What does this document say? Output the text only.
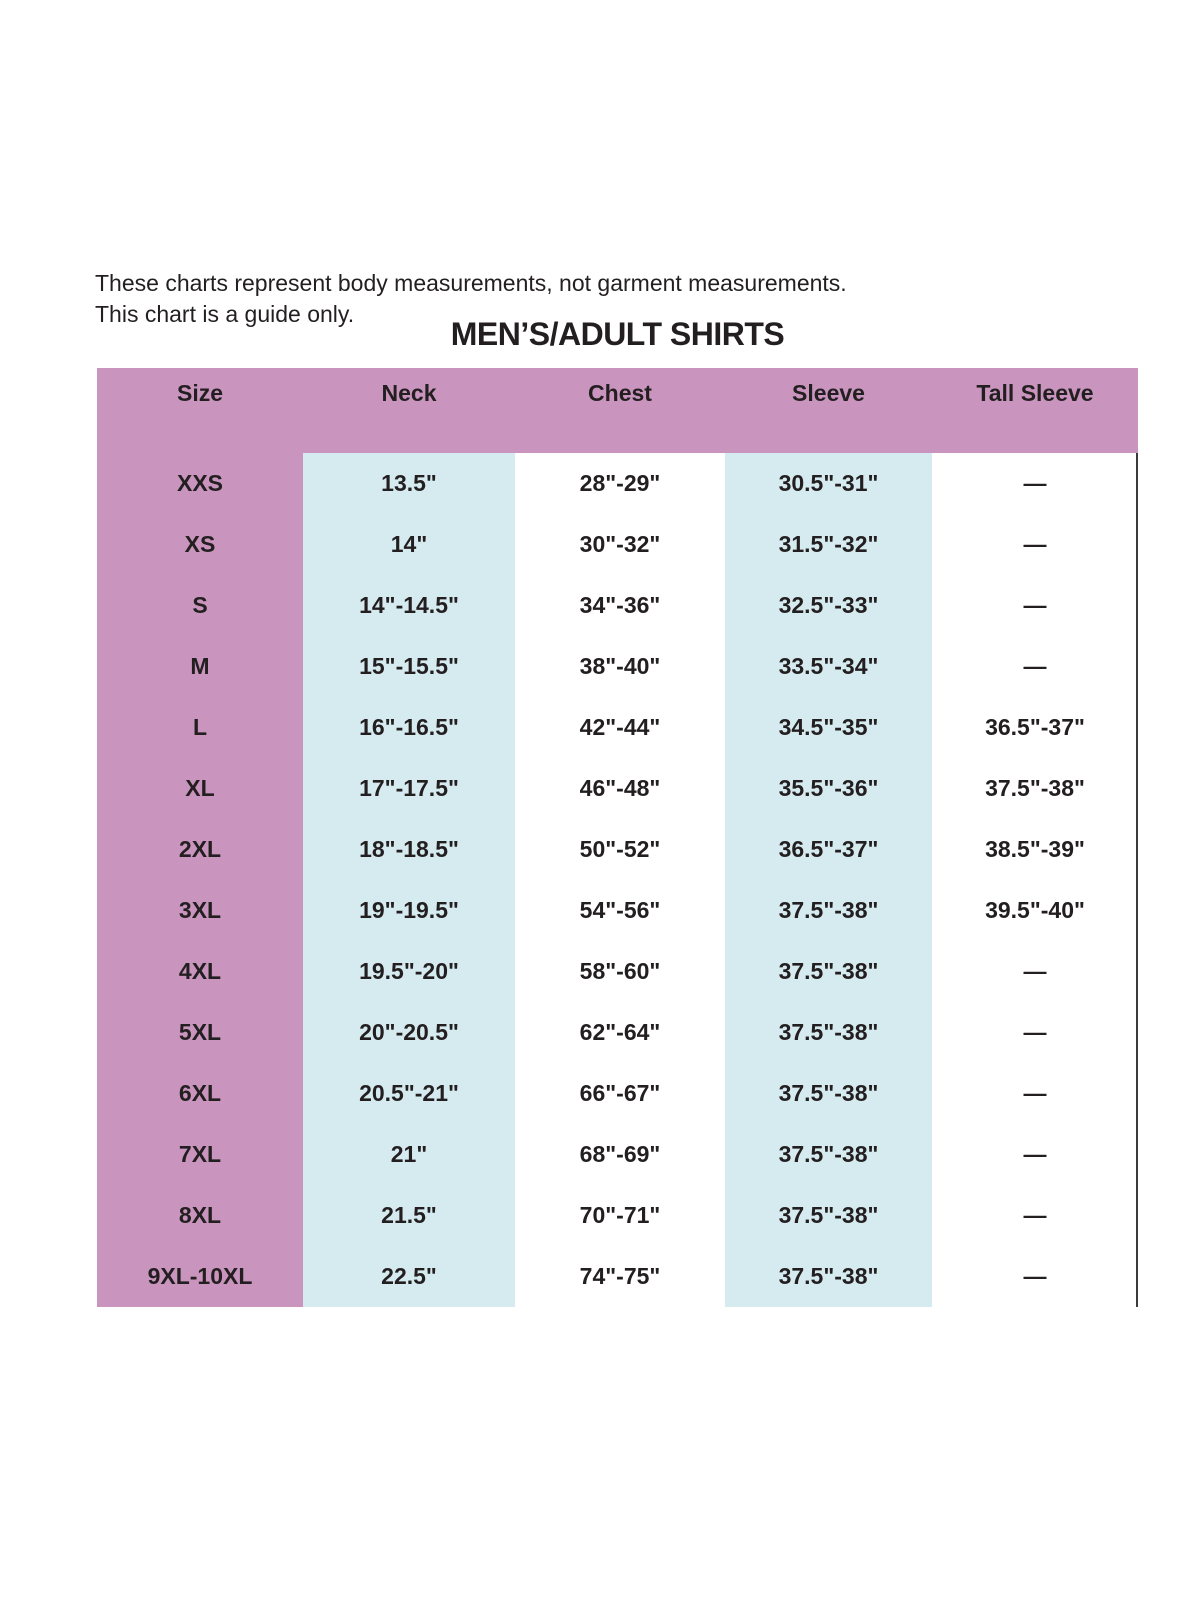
These charts represent body measurements, not garment measurements.
This chart is a guide only.
MEN’S/ADULT SHIRTS
Size	Neck	Chest	Sleeve	Tall Sleeve
XXS	13.5"	28"-29"	30.5"-31"	—
XS	14"	30"-32"	31.5"-32"	—
S	14"-14.5"	34"-36"	32.5"-33"	—
M	15"-15.5"	38"-40"	33.5"-34"	—
L	16"-16.5"	42"-44"	34.5"-35"	36.5"-37"
XL	17"-17.5"	46"-48"	35.5"-36"	37.5"-38"
2XL	18"-18.5"	50"-52"	36.5"-37"	38.5"-39"
3XL	19"-19.5"	54"-56"	37.5"-38"	39.5"-40"
4XL	19.5"-20"	58"-60"	37.5"-38"	—
5XL	20"-20.5"	62"-64"	37.5"-38"	—
6XL	20.5"-21"	66"-67"	37.5"-38"	—
7XL	21"	68"-69"	37.5"-38"	—
8XL	21.5"	70"-71"	37.5"-38"	—
9XL-10XL	22.5"	74"-75"	37.5"-38"	—
